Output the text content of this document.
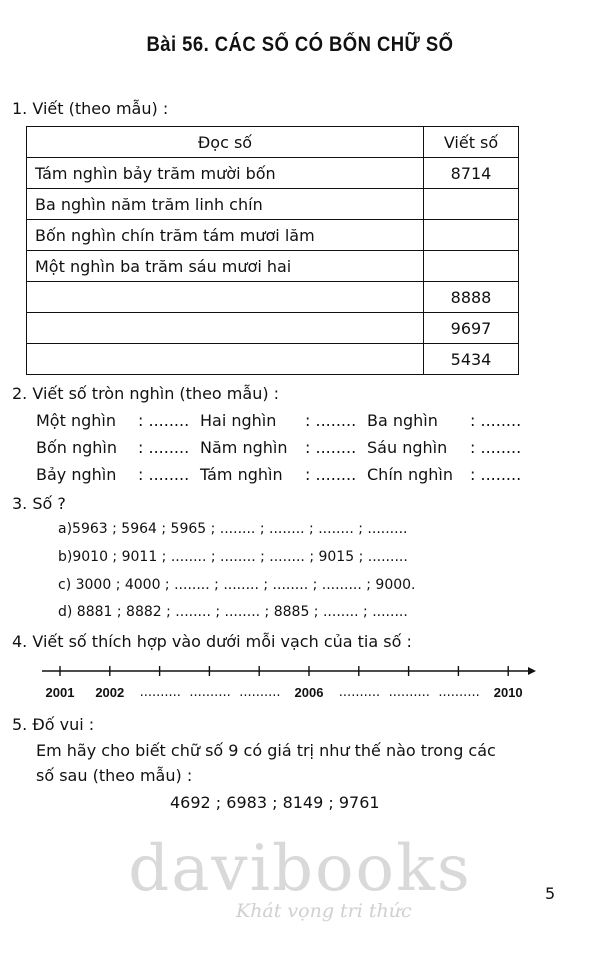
Bài 56. CÁC SỐ CÓ BỐN CHỮ SỐ
1. Viết (theo mẫu) :
Đọc số	Viết số
Tám nghìn bảy trăm mười bốn	8714
Ba nghìn năm trăm linh chín	
Bốn nghìn chín trăm tám mươi lăm	
Một nghìn ba trăm sáu mươi hai	
	8888
	9697
	5434
2. Viết số tròn nghìn (theo mẫu) :
Một nghìn : ........ Hai nghìn : ........ Ba nghìn : ........
Bốn nghìn : ........ Năm nghìn : ........ Sáu nghìn : ........
Bảy nghìn : ........ Tám nghìn : ........ Chín nghìn : ........
3. Số ?
a)5963 ; 5964 ; 5965 ; ........ ; ........ ; ........ ; .........
b)9010 ; 9011 ; ........ ; ........ ; ........ ; 9015 ; .........
c) 3000 ; 4000 ; ........ ; ........ ; ........ ; ......... ; 9000.
d) 8881 ; 8882 ; ........ ; ........ ; 8885 ; ........ ; ........
4. Viết số thích hợp vào dưới mỗi vạch của tia số :
2001	2002	.......... .......... ..........	2006	.......... .......... ..........	2010
5. Đố vui :
Em hãy cho biết chữ số 9 có giá trị như thế nào trong các
số sau (theo mẫu) :
4692 ; 6983 ; 8149 ; 9761
davibooks
Khát vọng tri thức
5
